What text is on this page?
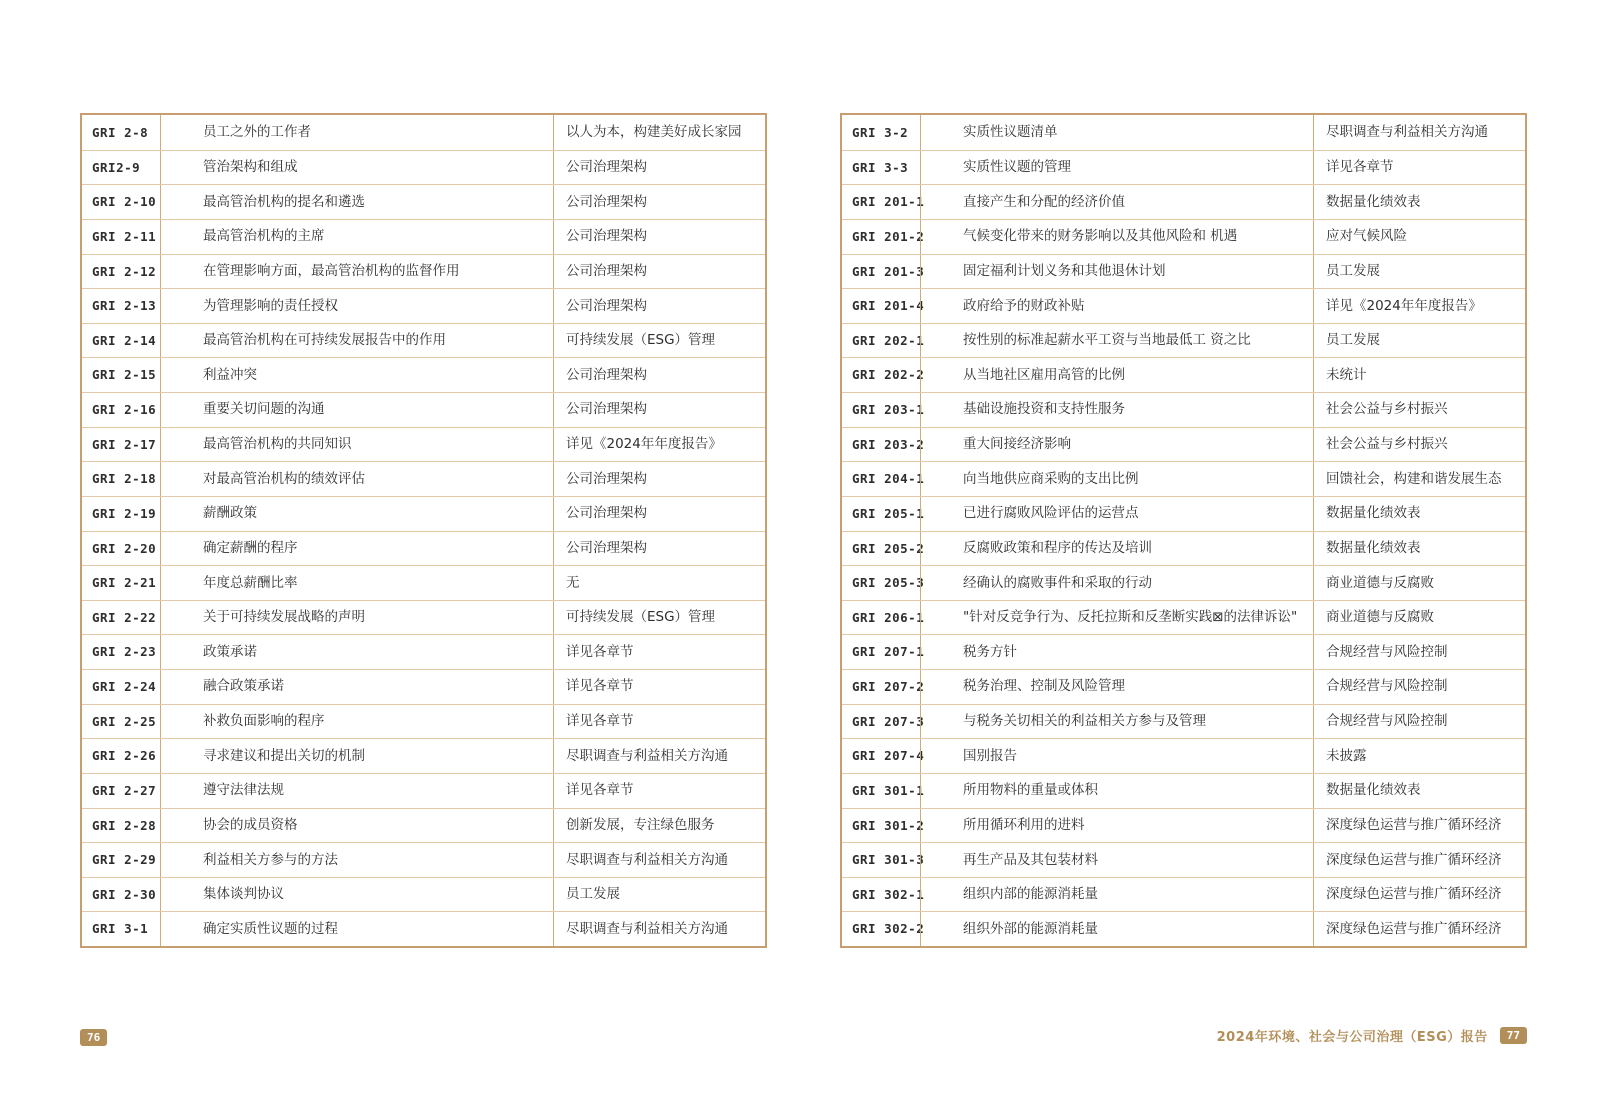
GRI 2-8	员工之外的工作者	以人为本，构建美好成长家园
GRI2-9	管治架构和组成	公司治理架构
GRI 2-10	最高管治机构的提名和遴选	公司治理架构
GRI 2-11	最高管治机构的主席	公司治理架构
GRI 2-12	在管理影响方面，最高管治机构的监督作用	公司治理架构
GRI 2-13	为管理影响的责任授权	公司治理架构
GRI 2-14	最高管治机构在可持续发展报告中的作用	可持续发展（ESG）管理
GRI 2-15	利益冲突	公司治理架构
GRI 2-16	重要关切问题的沟通	公司治理架构
GRI 2-17	最高管治机构的共同知识	详见《2024年年度报告》
GRI 2-18	对最高管治机构的绩效评估	公司治理架构
GRI 2-19	薪酬政策	公司治理架构
GRI 2-20	确定薪酬的程序	公司治理架构
GRI 2-21	年度总薪酬比率	无
GRI 2-22	关于可持续发展战略的声明	可持续发展（ESG）管理
GRI 2-23	政策承诺	详见各章节
GRI 2-24	融合政策承诺	详见各章节
GRI 2-25	补救负面影响的程序	详见各章节
GRI 2-26	寻求建议和提出关切的机制	尽职调查与利益相关方沟通
GRI 2-27	遵守法律法规	详见各章节
GRI 2-28	协会的成员资格	创新发展，专注绿色服务
GRI 2-29	利益相关方参与的方法	尽职调查与利益相关方沟通
GRI 2-30	集体谈判协议	员工发展
GRI 3-1	确定实质性议题的过程	尽职调查与利益相关方沟通
GRI 3-2	实质性议题清单	尽职调查与利益相关方沟通
GRI 3-3	实质性议题的管理	详见各章节
GRI 201-1	直接产生和分配的经济价值	数据量化绩效表
GRI 201-2	气候变化带来的财务影响以及其他风险和 机遇	应对气候风险
GRI 201-3	固定福利计划义务和其他退休计划	员工发展
GRI 201-4	政府给予的财政补贴	详见《2024年年度报告》
GRI 202-1	按性别的标准起薪水平工资与当地最低工 资之比	员工发展
GRI 202-2	从当地社区雇用高管的比例	未统计
GRI 203-1	基础设施投资和支持性服务	社会公益与乡村振兴
GRI 203-2	重大间接经济影响	社会公益与乡村振兴
GRI 204-1	向当地供应商采购的支出比例	回馈社会，构建和谐发展生态
GRI 205-1	已进行腐败风险评估的运营点	数据量化绩效表
GRI 205-2	反腐败政策和程序的传达及培训	数据量化绩效表
GRI 205-3	经确认的腐败事件和采取的行动	商业道德与反腐败
GRI 206-1	"针对反竞争行为、反托拉斯和反垄断实践⊠的法律诉讼"	商业道德与反腐败
GRI 207-1	税务方针	合规经营与风险控制
GRI 207-2	税务治理、控制及风险管理	合规经营与风险控制
GRI 207-3	与税务关切相关的利益相关方参与及管理	合规经营与风险控制
GRI 207-4	国别报告	未披露
GRI 301-1	所用物料的重量或体积	数据量化绩效表
GRI 301-2	所用循环利用的进料	深度绿色运营与推广循环经济
GRI 301-3	再生产品及其包装材料	深度绿色运营与推广循环经济
GRI 302-1	组织内部的能源消耗量	深度绿色运营与推广循环经济
GRI 302-2	组织外部的能源消耗量	深度绿色运营与推广循环经济
76	2024年环境、社会与公司治理（ESG）报告	77
